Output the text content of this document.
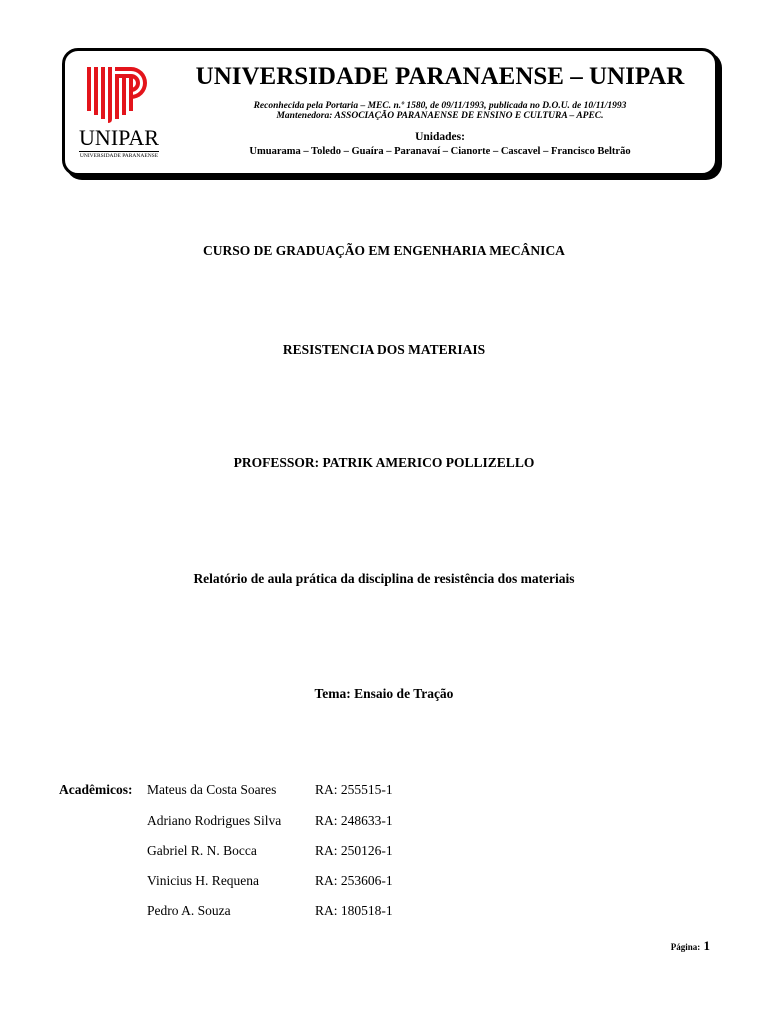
UNIPAR
UNIVERSIDADE PARANAENSE
UNIVERSIDADE PARANAENSE – UNIPAR
Reconhecida pela Portaria – MEC. n.º 1580, de 09/11/1993, publicada no D.O.U. de 10/11/1993
Mantenedora: ASSOCIAÇÃO PARANAENSE DE ENSINO E CULTURA – APEC.
Unidades:
Umuarama – Toledo – Guaíra – Paranavaí – Cianorte – Cascavel – Francisco Beltrão
CURSO DE GRADUAÇÃO EM ENGENHARIA MECÂNICA
RESISTENCIA DOS MATERIAIS
PROFESSOR: PATRIK AMERICO POLLIZELLO
Relatório de aula prática da disciplina de resistência dos materiais
Tema: Ensaio de Tração
Acadêmicos: Mateus da Costa Soares	RA: 255515-1
Adriano Rodrigues Silva	RA: 248633-1
Gabriel R. N. Bocca	RA: 250126-1
Vinicius H. Requena	RA: 253606-1
Pedro A. Souza	RA: 180518-1
Página: 1
